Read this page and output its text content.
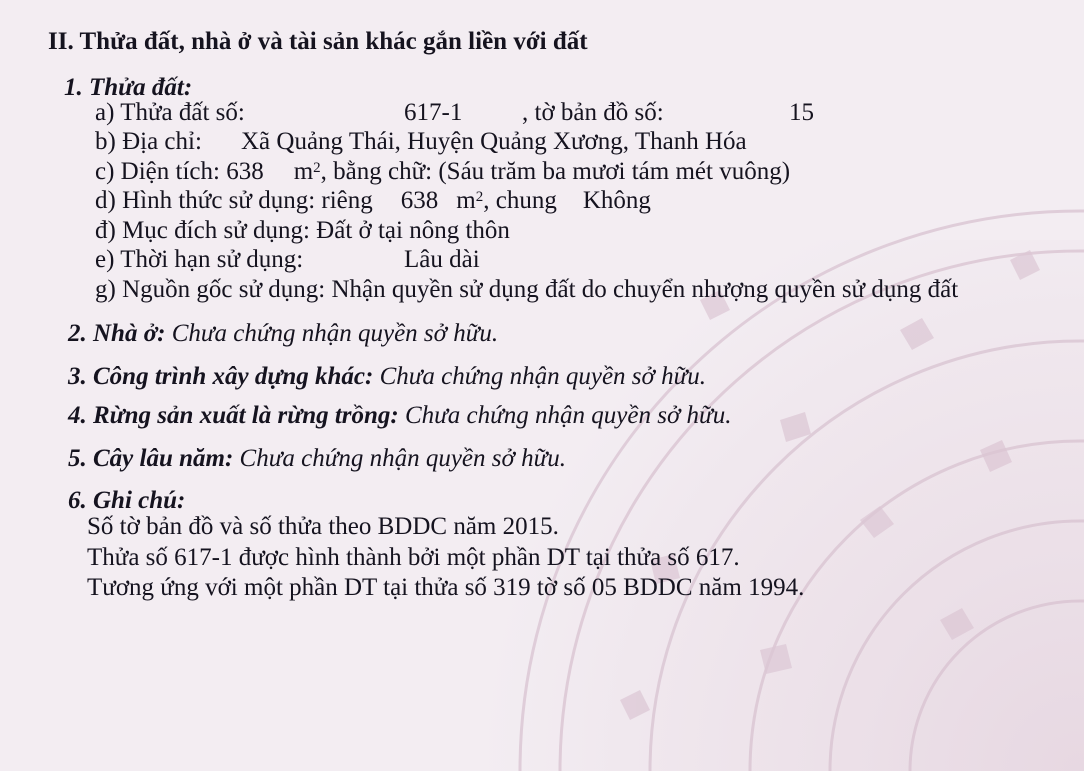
II. Thửa đất, nhà ở và tài sản khác gắn liền với đất
1. Thửa đất:
a) Thửa đất số:	617-1 , tờ bản đồ số:	15
b) Địa chỉ: Xã Quảng Thái, Huyện Quảng Xương, Thanh Hóa
c) Diện tích: 638 $m^2$, bằng chữ: (Sáu trăm ba mươi tám mét vuông)
d) Hình thức sử dụng: riêng 638 $m^2$, chung Không
đ) Mục đích sử dụng: Đất ở tại nông thôn
e) Thời hạn sử dụng:	Lâu dài
g) Nguồn gốc sử dụng: Nhận quyền sử dụng đất do chuyển nhượng quyền sử dụng đất
2. Nhà ở: Chưa chứng nhận quyền sở hữu.
3. Công trình xây dựng khác: Chưa chứng nhận quyền sở hữu.
4. Rừng sản xuất là rừng trồng: Chưa chứng nhận quyền sở hữu.
5. Cây lâu năm: Chưa chứng nhận quyền sở hữu.
6. Ghi chú:
Số tờ bản đồ và số thửa theo BDDC năm 2015.
Thửa số 617-1 được hình thành bởi một phần DT tại thửa số 617.
Tương ứng với một phần DT tại thửa số 319 tờ số 05 BDDC năm 1994.
